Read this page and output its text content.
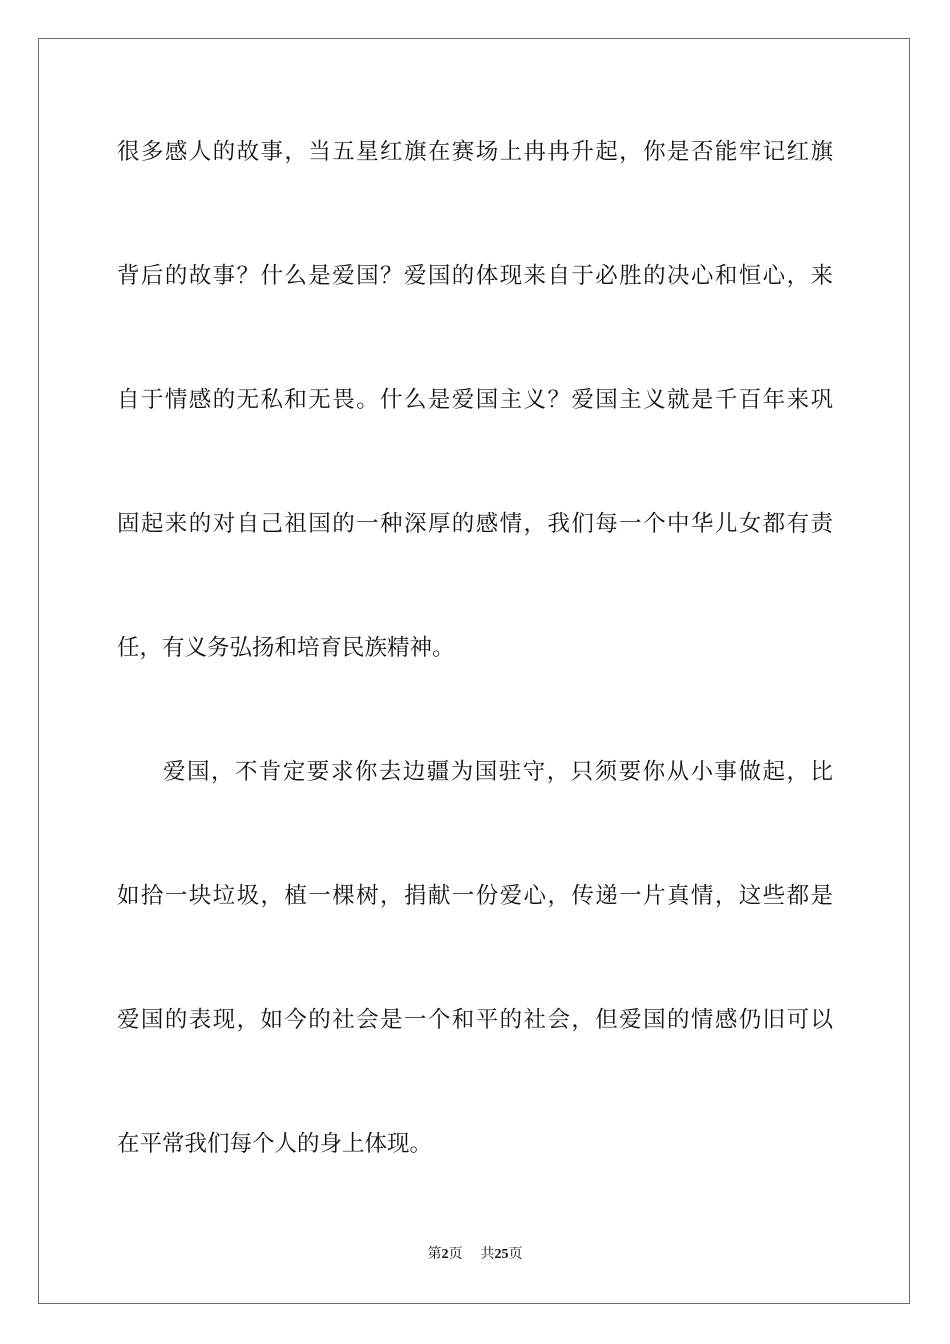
很多感人的故事，当五星红旗在赛场上冉冉升起，你是否能牢记红旗
背后的故事？什么是爱国？爱国的体现来自于必胜的决心和恒心，来
自于情感的无私和无畏。什么是爱国主义？爱国主义就是千百年来巩
固起来的对自己祖国的一种深厚的感情，我们每一个中华儿女都有责
任，有义务弘扬和培育民族精神。
爱国，不肯定要求你去边疆为国驻守，只须要你从小事做起，比
如拾一块垃圾，植一棵树，捐献一份爱心，传递一片真情，这些都是
爱国的表现，如今的社会是一个和平的社会，但爱国的情感仍旧可以
在平常我们每个人的身上体现。
第2页 共25页
